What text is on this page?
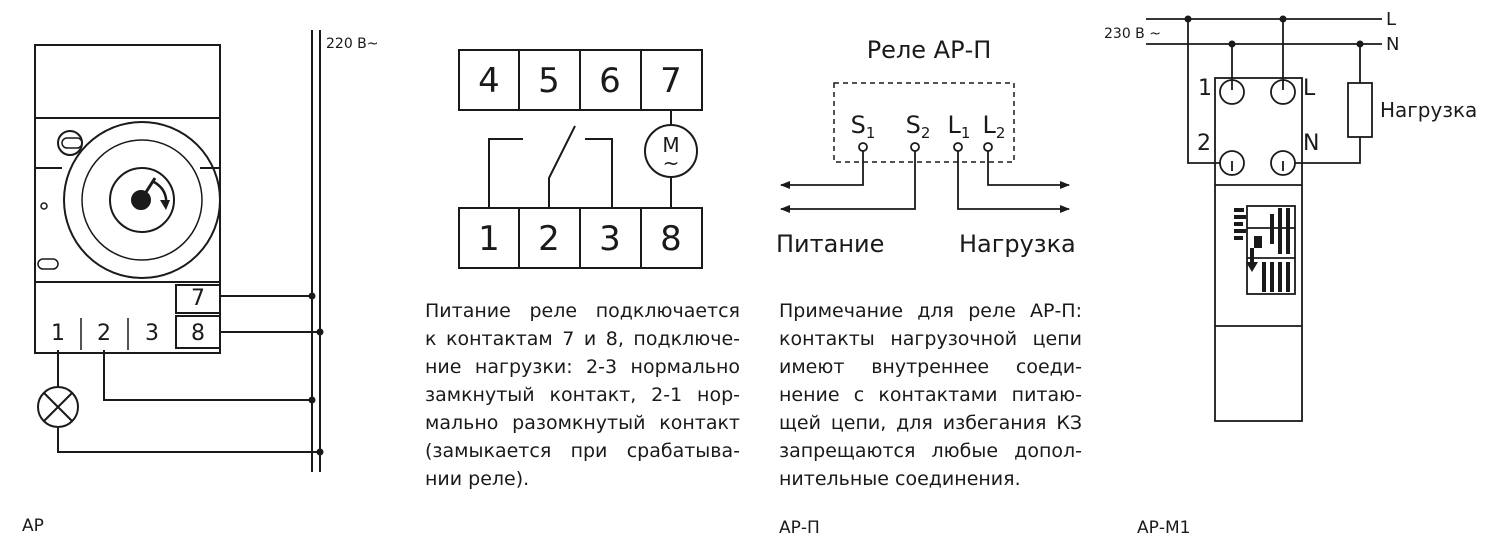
7
1 2 3 8
220 В~
4 5 6 7
1 2 3 8
M
~
Реле АР-П
$S_1$ $S_2$ $L_1$ $L_2$
Питание	Нагрузка
230 В ~
L
N
1	L
2	N
Нагрузка
Питание реле подключается
к контактам 7 и 8, подключе-
ние нагрузки: 2-3 нормально
замкнутый контакт, 2-1 нор-
мально разомкнутый контакт
(замыкается при срабатыва-
нии реле).
Примечание для реле АР-П:
контакты нагрузочной цепи
имеют внутреннее соеди-
нение с контактами питаю-
щей цепи, для избегания КЗ
запрещаются любые допол-
нительные соединения.
АР	АР-П	АР-М1
